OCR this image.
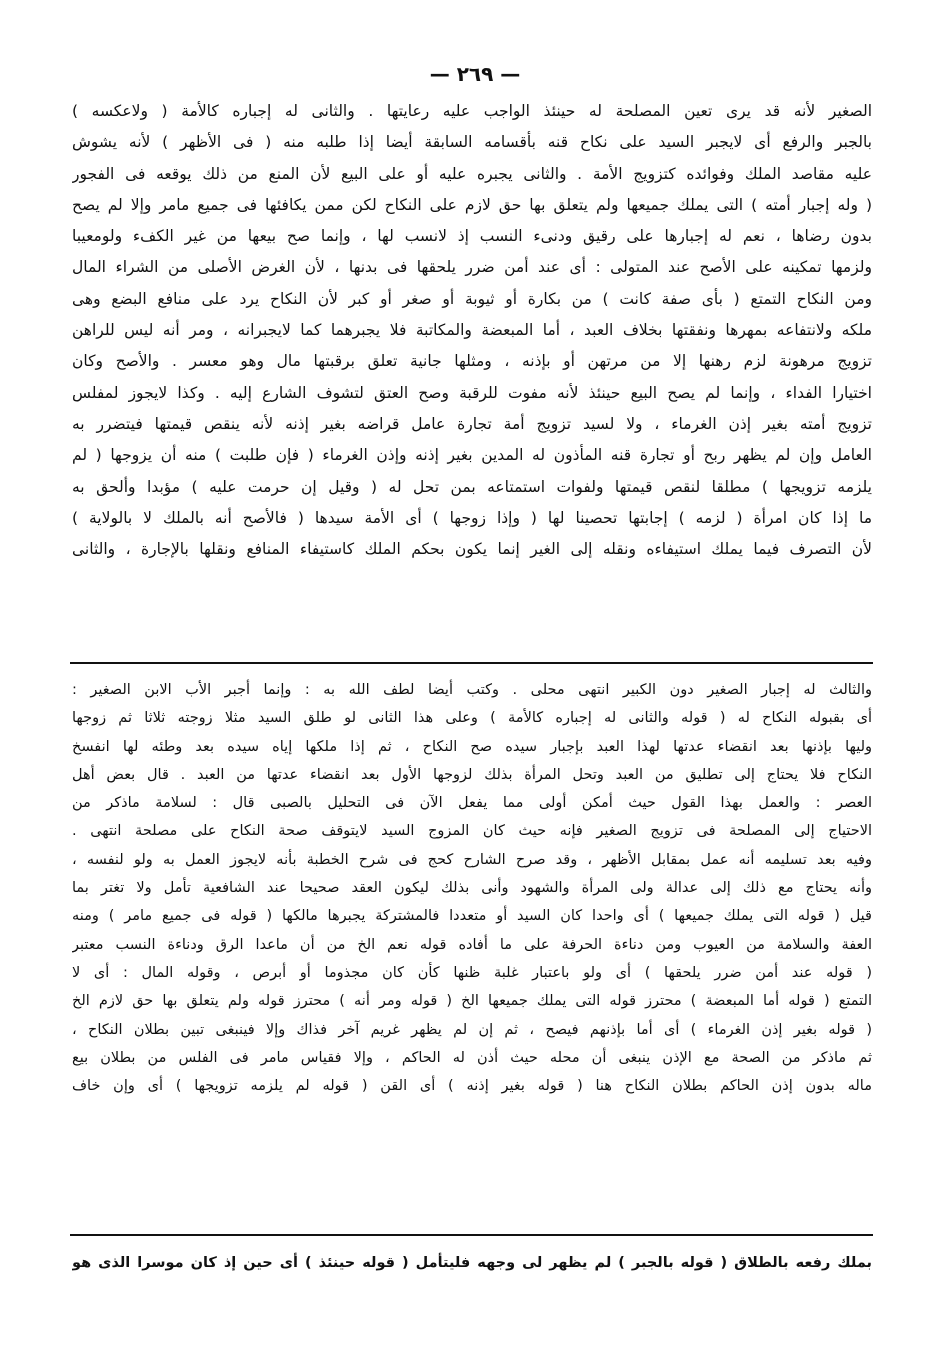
— ٢٦٩ —
الصغير لأنه قد يرى تعين المصلحة له حينئذ الواجب عليه رعايتها . والثانى له إجباره كالأمة ( ولاعكسه )
بالجبر والرفع أى لايجبر السيد على نكاح قنه بأقسامه السابقة أيضا إذا طلبه منه ( فى الأظهر ) لأنه يشوش
عليه مقاصد الملك وفوائده كتزويج الأمة . والثانى يجبره عليه أو على البيع لأن المنع من ذلك يوقعه فى الفجور
( وله إجبار أمته ) التى يملك جميعها ولم يتعلق بها حق لازم على النكاح لكن ممن يكافئها فى جميع مامر وإلا لم يصح
بدون رضاها ، نعم له إجبارها على رقيق ودنىء النسب إذ لانسب لها ، وإنما صح بيعها من غير الكفء ولومعيبا
ولزمها تمكينه على الأصح عند المتولى : أى عند أمن ضرر يلحقها فى بدنها ، لأن الغرض الأصلى من الشراء المال
ومن النكاح التمتع ( بأى صفة كانت ) من بكارة أو ثيوبة أو صغر أو كبر لأن النكاح يرد على منافع البضع وهى
ملكه ولانتفاعه بمهرها ونفقتها بخلاف العبد ، أما المبعضة والمكاتبة فلا يجبرهما كما لايجبرانه ، ومر أنه ليس للراهن
تزويج مرهونة لزم رهنها إلا من مرتهن أو بإذنه ، ومثلها جانية تعلق برقبتها مال وهو معسر . والأصح وكان
اختيارا الفداء ، وإنما لم يصح البيع حينئذ لأنه مفوت للرقبة وصح العتق لتشوف الشارع إليه . وكذا لايجوز لمفلس
تزويج أمته بغير إذن الغرماء ، ولا لسيد تزويج أمة تجارة عامل قراضه بغير إذنه لأنه ينقص قيمتها فيتضرر به
العامل وإن لم يظهر ربح أو تجارة قنه المأذون له المدين بغير إذنه وإذن الغرماء ( فإن طلبت ) منه أن يزوجها ( لم
يلزمه تزويجها ) مطلقا لنقص قيمتها ولفوات استمتاعه بمن تحل له ( وقيل إن حرمت عليه ) مؤبدا وألحق به
ما إذا كان امرأة ( لزمه ) إجابتها تحصينا لها ( وإذا زوجها ) أى الأمة سيدها ( فالأصح أنه بالملك لا بالولاية )
لأن التصرف فيما يملك استيفاءه ونقله إلى الغير إنما يكون بحكم الملك كاستيفاء المنافع ونقلها بالإجارة ، والثانى
والثالث له إجبار الصغير دون الكبير انتهى محلى . وكتب أيضا لطف الله به : وإنما أجبر الأب الابن الصغير :
أى بقبوله النكاح له ( قوله والثانى له إجباره كالأمة ) وعلى هذا الثانى لو طلق السيد مثلا زوجته ثلاثا ثم زوجها
وليها بإذنها بعد انقضاء عدتها لهذا العبد بإجبار سيده صح النكاح ، ثم إذا ملكها إياه سيده بعد وطئه لها انفسخ
النكاح فلا يحتاج إلى تطليق من العبد وتحل المرأة بذلك لزوجها الأول بعد انقضاء عدتها من العبد . قال بعض أهل
العصر : والعمل بهذا القول حيث أمكن أولى مما يفعل الآن فى التحليل بالصبى قال : لسلامة ماذكر من
الاحتياج إلى المصلحة فى تزويج الصغير فإنه حيث كان المزوج السيد لايتوقف صحة النكاح على مصلحة انتهى .
وفيه بعد تسليمه أنه عمل بمقابل الأظهر ، وقد صرح الشارح كحج فى شرح الخطبة بأنه لايجوز العمل به ولو لنفسه ،
وأنه يحتاج مع ذلك إلى عدالة ولى المرأة والشهود وأنى بذلك ليكون العقد صحيحا عند الشافعية تأمل ولا تغتر بما
قيل ( قوله التى يملك جميعها ) أى واحدا كان السيد أو متعددا فالمشتركة يجبرها مالكها ( قوله فى جميع مامر ) ومنه
العفة والسلامة من العيوب ومن دناءة الحرفة على ما أفاده قوله نعم الخ من أن ماعدا الرق ودناءة النسب معتبر
( قوله عند أمن ضرر يلحقها ) أى ولو باعتبار غلبة ظنها كأن كان مجذوما أو أبرص ، وقوله المال : أى لا
التمتع ( قوله أما المبعضة ) محترز قوله التى يملك جميعها الخ ( قوله ومر أنه ) محترز قوله ولم يتعلق بها حق لازم الخ
( قوله بغير إذن الغرماء ) أى أما بإذنهم فيصح ، ثم إن لم يظهر غريم آخر فذاك وإلا فينبغى تبين بطلان النكاح ،
ثم ماذكر من الصحة مع الإذن ينبغى أن محله حيث أذن له الحاكم ، وإلا فقياس مامر فى الفلس من بطلان بيع
ماله بدون إذن الحاكم بطلان النكاح هنا ( قوله بغير إذنه ) أى القن ( قوله لم يلزمه تزويجها ) أى وإن خاف
بملك رفعه بالطلاق ( قوله بالجبر ) لم يظهر لى وجهه فليتأمل ( قوله حينئذ ) أى حين إذ كان موسرا الذى هو
